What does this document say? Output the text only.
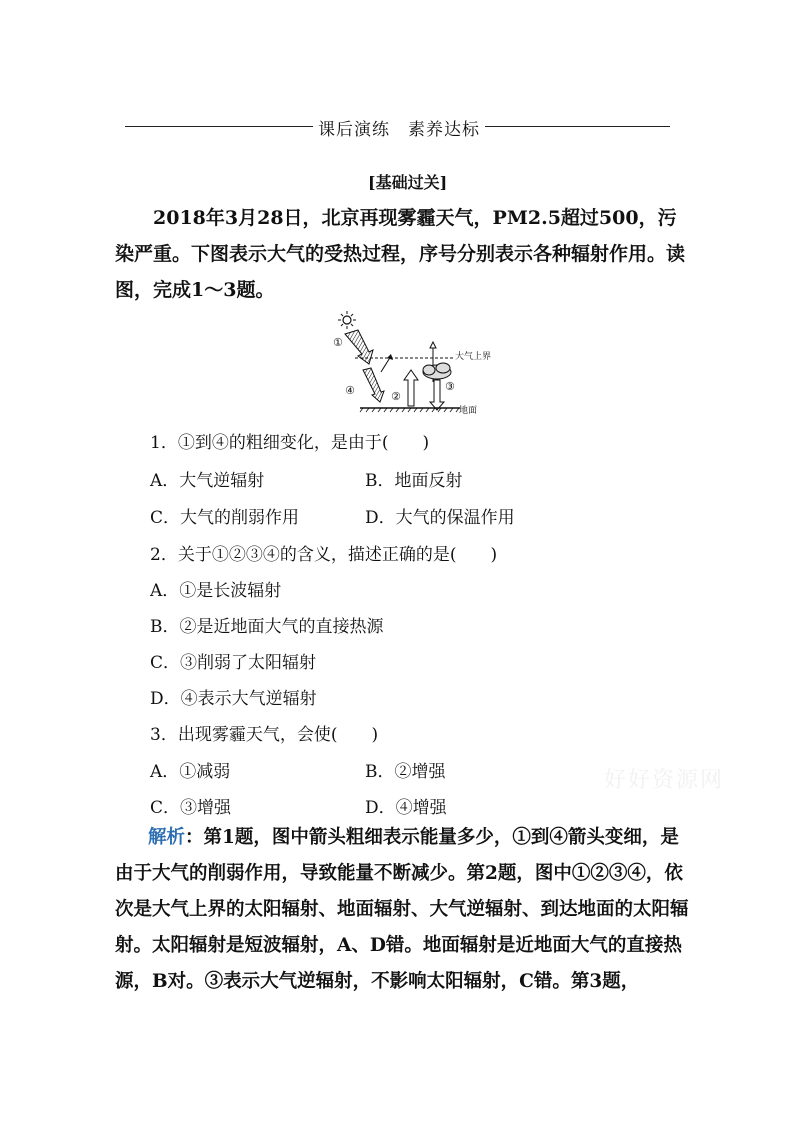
课后演练　素养达标
[基础过关]

2018年3月28日，北京再现雾霾天气，PM2.5超过500，污染严重。下图表示大气的受热过程，序号分别表示各种辐射作用。读图，完成1～3题。

大气上界
地面
①
②
③
④

1．①到④的粗细变化，是由于(　　)

A．大气逆辐射	B．地面反射
C．大气的削弱作用	D．大气的保温作用

2．关于①②③④的含义，描述正确的是(　　)

A．①是长波辐射
B．②是近地面大气的直接热源
C．③削弱了太阳辐射
D．④表示大气逆辐射

3．出现雾霾天气，会使(　　)

A．①减弱	B．②增强
C．③增强	D．④增强
好好资源网

解析：第1题，图中箭头粗细表示能量多少，①到④箭头变细，是由于大气的削弱作用，导致能量不断减少。第2题，图中①②③④，依次是大气上界的太阳辐射、地面辐射、大气逆辐射、到达地面的太阳辐射。太阳辐射是短波辐射，A、D错。地面辐射是近地面大气的直接热源，B对。③表示大气逆辐射，不影响太阳辐射，C错。第3题，
